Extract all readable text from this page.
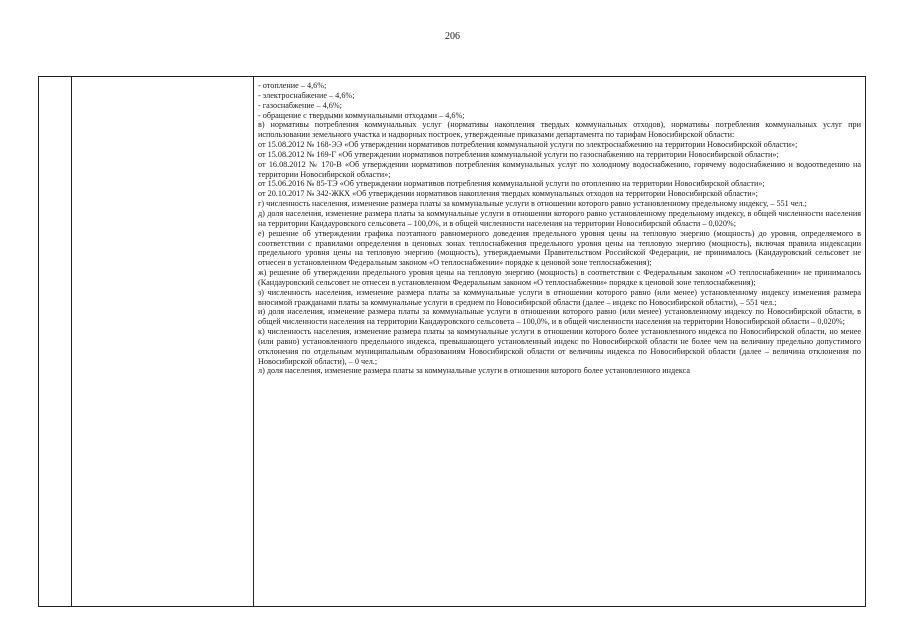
206

- отопление – 4,6%;

- электроснабжение – 4,6%;

- газоснабжение – 4,6%;

- обращение с твердыми коммунальными отходами – 4,6%;

в) нормативы потребления коммунальных услуг (нормативы накопления твердых коммунальных отходов), нормативы потребления коммунальных услуг при использовании земельного участка и надворных построек, утвержденные приказами департамента по тарифам Новосибирской области:

от 15.08.2012 № 168-ЭЭ «Об утверждении нормативов потребления коммунальной услуги по электроснабжению на территории Новосибирской области»;

от 15.08.2012 № 169-Г «Об утверждении нормативов потребления коммунальной услуги по газоснабжению на территории Новосибирской области»;

от 16.08.2012 № 170-В «Об утверждении нормативов потребления коммунальных услуг по холодному водоснабжению, горячему водоснабжению и водоотведению на территории Новосибирской области»;

от 15.06.2016 № 85-ТЭ «Об утверждении нормативов потребления коммунальной услуги по отоплению на территории Новосибирской области»;

от 20.10.2017 № 342-ЖКХ «Об утверждении нормативов накопления твердых коммунальных отходов на территории Новосибирской области»;

г) численность населения, изменение размера платы за коммунальные услуги в отношении которого равно установленному предельному индексу, – 551 чел.;

д) доля населения, изменение размера платы за коммунальные услуги в отношении которого равно установленному предельному индексу, в общей численности населения на территории Кандауровского сельсовета – 100,0%, и в общей численности населения на территории Новосибирской области – 0,020%;

е) решение об утверждении графика поэтапного равномерного доведения предельного уровня цены на тепловую энергию (мощность) до уровня, определяемого в соответствии с правилами определения в ценовых зонах теплоснабжения предельного уровня цены на тепловую энергию (мощность), включая правила индексации предельного уровня цены на тепловую энергию (мощность), утверждаемыми Правительством Российской Федерации, не принималось (Кандауровский сельсовет не отнесен в установленном Федеральным законом «О теплоснабжении» порядке к ценовой зоне теплоснабжения);

ж) решение об утверждении предельного уровня цены на тепловую энергию (мощность) в соответствии с Федеральным законом «О теплоснабжении» не принималось (Кандауровский сельсовет не отнесен в установленном Федеральным законом «О теплоснабжении» порядке к ценовой зоне теплоснабжения);

з) численность населения, изменение размера платы за коммунальные услуги в отношении которого равно (или менее) установленному индексу изменения размера вносимой гражданами платы за коммунальные услуги в среднем по Новосибирской области (далее – индекс по Новосибирской области), – 551 чел.;

и) доля населения, изменение размера платы за коммунальные услуги в отношении которого равно (или менее) установленному индексу по Новосибирской области, в общей численности населения на территории Кандауровского сельсовета – 100,0%, и в общей численности населения на территории Новосибирской области – 0,020%;

к) численность населения, изменение размера платы за коммунальные услуги в отношении которого более установленного индекса по Новосибирской области, но менее (или равно) установленного предельного индекса, превышающего установленный индекс по Новосибирской области не более чем на величину предельно допустимого отклонения по отдельным муниципальным образованиям Новосибирской области от величины индекса по Новосибирской области (далее – величина отклонения по Новосибирской области), – 0 чел.;

л) доля населения, изменение размера платы за коммунальные услуги в отношении которого более установленного индекса
